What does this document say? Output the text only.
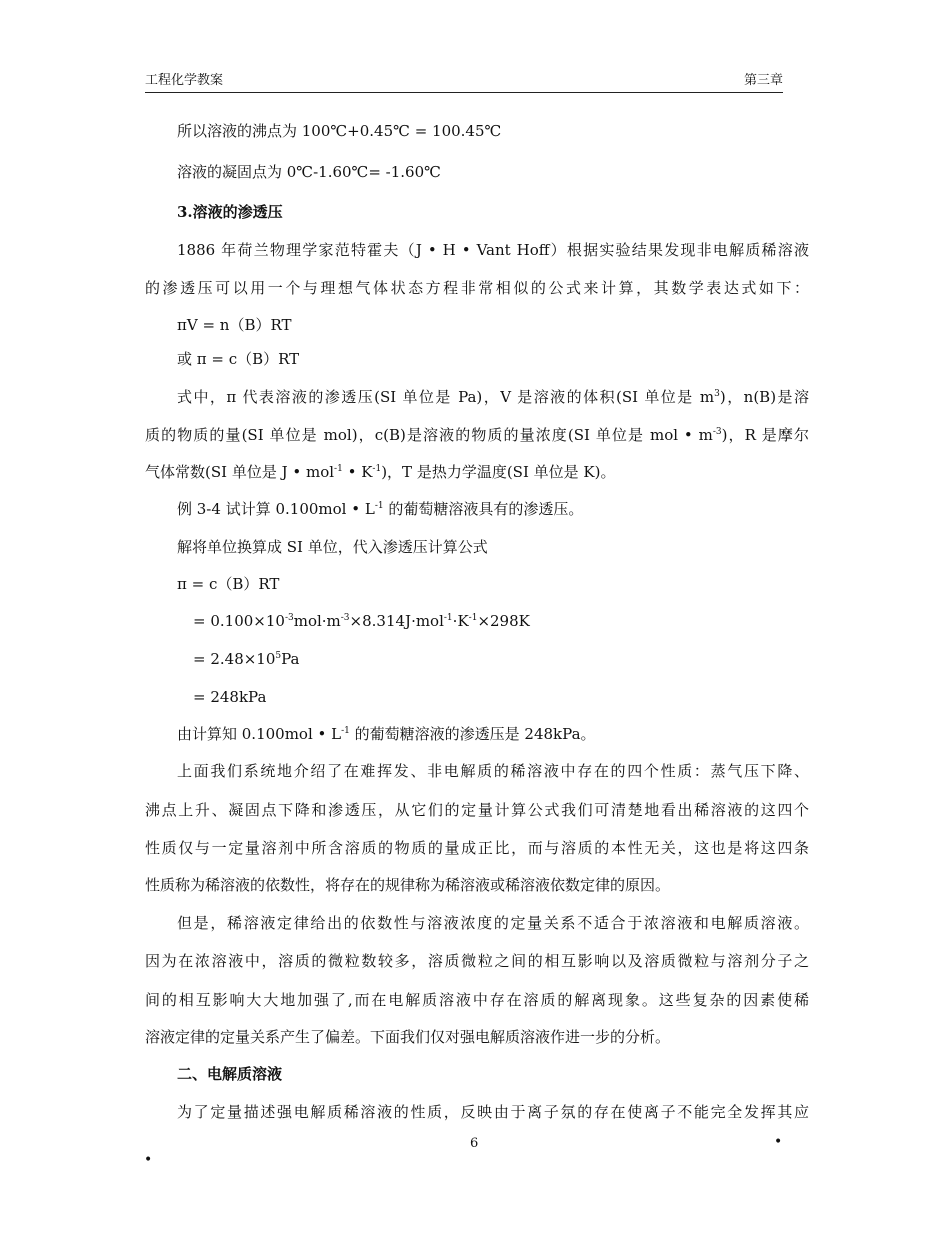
工程化学教案	第三章
所以溶液的沸点为 100℃+0.45℃ = 100.45℃
溶液的凝固点为 0℃-1.60℃= -1.60℃
3.溶液的渗透压
1886 年荷兰物理学家范特霍夫（J • H • Vant Hoff）根据实验结果发现非电解质稀溶液
的渗透压可以用一个与理想气体状态方程非常相似的公式来计算，其数学表达式如下：
πV = n（B）RT
或 π = c（B）RT
式中，π 代表溶液的渗透压(SI 单位是 Pa)，V 是溶液的体积(SI 单位是 $m^3$)，n(B)是溶
质的物质的量(SI 单位是 mol)，c(B)是溶液的物质的量浓度(SI 单位是 mol • $m^{-3}$)，R 是摩尔
气体常数(SI 单位是 J • mol$^{-1}$ • $K^{-1}$)，T 是热力学温度(SI 单位是 K)。
例 3-4 试计算 0.100mol • $L^{-1}$ 的葡萄糖溶液具有的渗透压。
解将单位换算成 SI 单位，代入渗透压计算公式
π = c（B）RT
= $0.100\times 10^{-3}mol\cdot m^{-3}\times 8.314J\cdot mol^{-1}\cdot K^{-1}\times 298K$
= $2.48\times 10^5Pa$
= 248kPa
由计算知 0.100mol • $L^{-1}$ 的葡萄糖溶液的渗透压是 248kPa。
上面我们系统地介绍了在难挥发、非电解质的稀溶液中存在的四个性质：蒸气压下降、
沸点上升、凝固点下降和渗透压，从它们的定量计算公式我们可清楚地看出稀溶液的这四个
性质仅与一定量溶剂中所含溶质的物质的量成正比，而与溶质的本性无关，这也是将这四条
性质称为稀溶液的依数性，将存在的规律称为稀溶液或稀溶液依数定律的原因。
但是，稀溶液定律给出的依数性与溶液浓度的定量关系不适合于浓溶液和电解质溶液。
因为在浓溶液中，溶质的微粒数较多，溶质微粒之间的相互影响以及溶质微粒与溶剂分子之
间的相互影响大大地加强了,而在电解质溶液中存在溶质的解离现象。这些复杂的因素使稀
溶液定律的定量关系产生了偏差。下面我们仅对强电解质溶液作进一步的分析。
二、电解质溶液
为了定量描述强电解质稀溶液的性质，反映由于离子氛的存在使离子不能完全发挥其应
6	•
•
